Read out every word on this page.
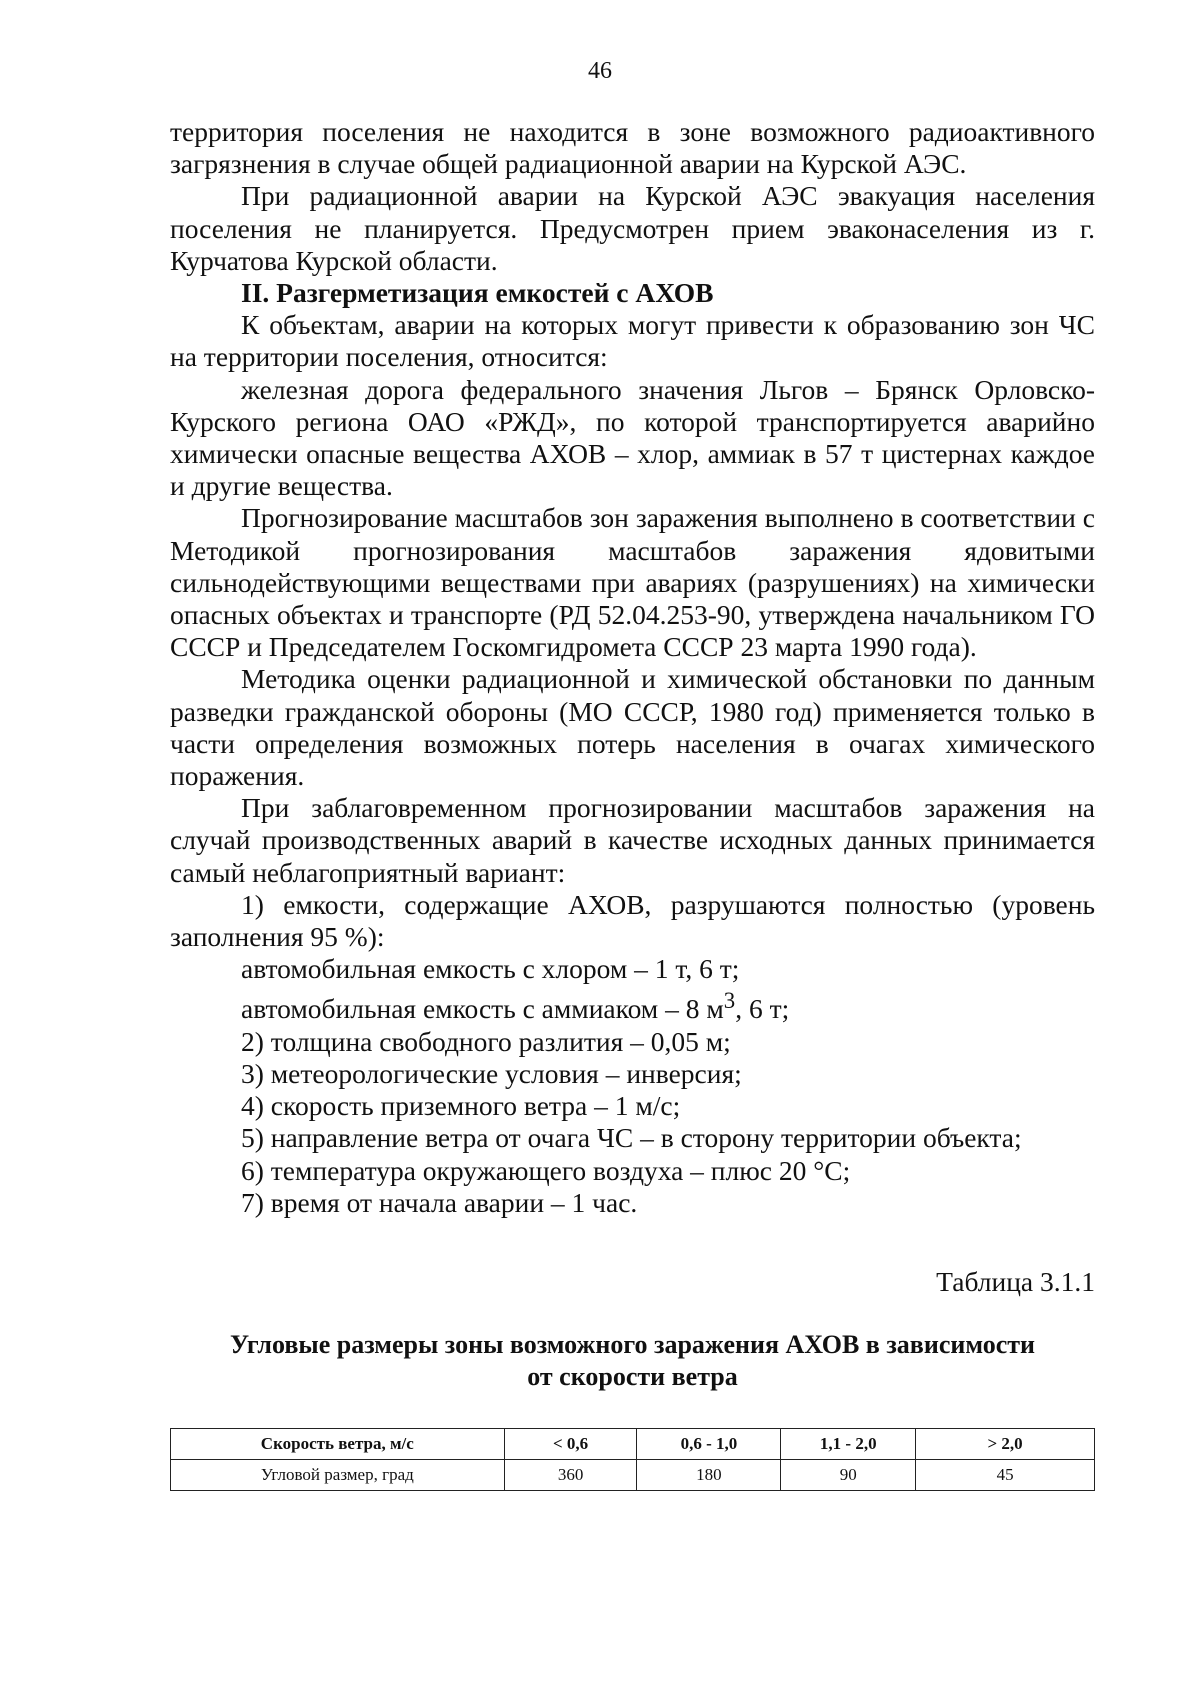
46

территория поселения не находится в зоне возможного радиоактивного загрязнения в случае общей радиационной аварии на Курской АЭС.

При радиационной аварии на Курской АЭС эвакуация населения поселения не планируется. Предусмотрен прием эваконаселения из г. Курчатова Курской области.

II. Разгерметизация емкостей с АХОВ

К объектам, аварии на которых могут привести к образованию зон ЧС на территории поселения, относится:

железная дорога федерального значения Льгов – Брянск Орловско-Курского региона ОАО «РЖД», по которой транспортируется аварийно химически опасные вещества АХОВ – хлор, аммиак в 57 т цистернах каждое и другие вещества.

Прогнозирование масштабов зон заражения выполнено в соответствии с Методикой прогнозирования масштабов заражения ядовитыми сильнодействующими веществами при авариях (разрушениях) на химически опасных объектах и транспорте (РД 52.04.253-90, утверждена начальником ГО СССР и Председателем Госкомгидромета СССР 23 марта 1990 года).

Методика оценки радиационной и химической обстановки по данным разведки гражданской обороны (МО СССР, 1980 год) применяется только в части определения возможных потерь населения в очагах химического поражения.

При заблаговременном прогнозировании масштабов заражения на случай производственных аварий в качестве исходных данных принимается самый неблагоприятный вариант:

1) емкости, содержащие АХОВ, разрушаются полностью (уровень заполнения 95 %):

автомобильная емкость с хлором – 1 т, 6 т;

автомобильная емкость с аммиаком – 8 $м^3$, 6 т;

2) толщина свободного разлития – 0,05 м;

3) метеорологические условия – инверсия;

4) скорость приземного ветра – 1 м/с;

5) направление ветра от очага ЧС – в сторону территории объекта;

6) температура окружающего воздуха – плюс 20 °С;

7) время от начала аварии – 1 час.

Таблица 3.1.1
Угловые размеры зоны возможного заражения АХОВ в зависимости
от скорости ветра
Скорость ветра, м/с	< 0,6	0,6 - 1,0	1,1 - 2,0	> 2,0
Угловой размер, град	360	180	90	45
